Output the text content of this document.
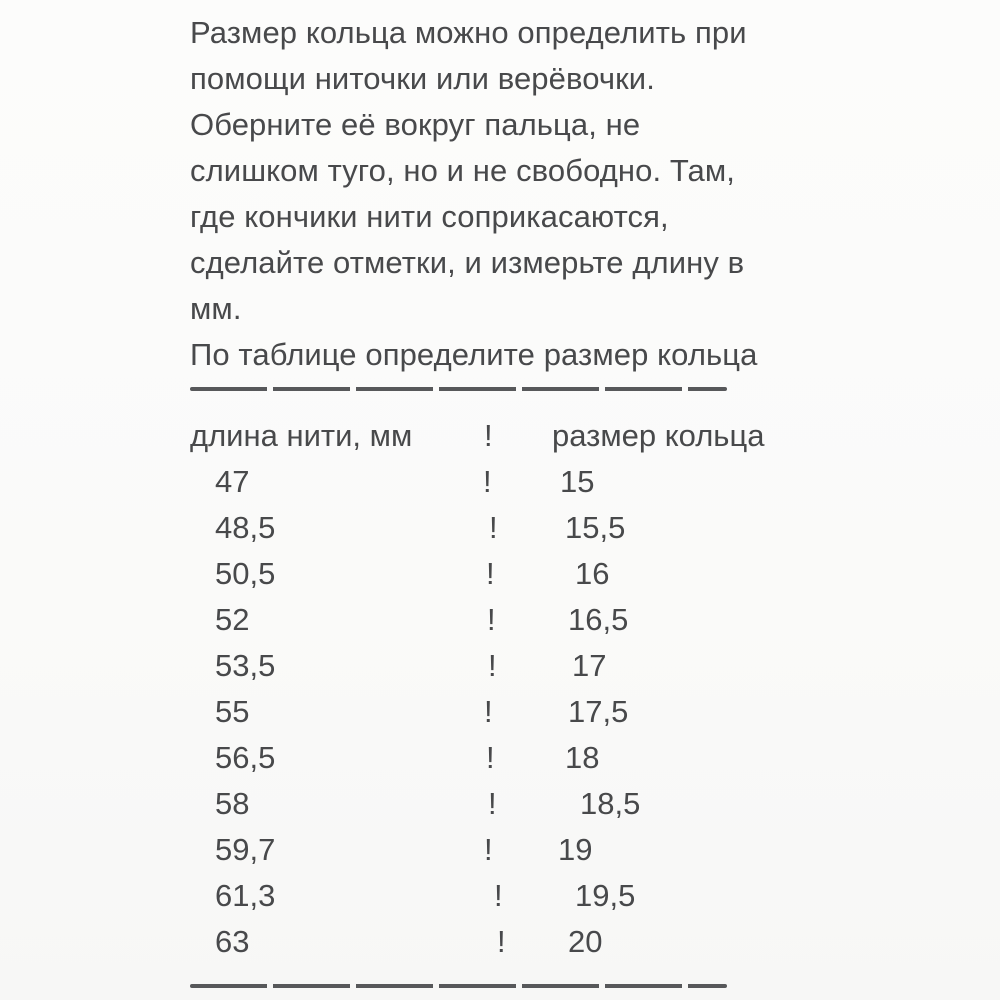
Размер кольца можно определить при

помощи ниточки или верёвочки.

Оберните её вокруг пальца, не

слишком туго, но и не свободно. Там,

где кончики нити соприкасаются,

сделайте отметки, и измерьте длину в

мм.

По таблице определите размер кольца

длина нити, мм ! размер кольца
47	! 15
48,5	! 15,5
50,5	!	16
52	! 16,5
53,5	! 17
55	! 17,5
56,5	! 18
58	!	18,5
59,7	! 19
61,3	! 19,5
63	! 20
